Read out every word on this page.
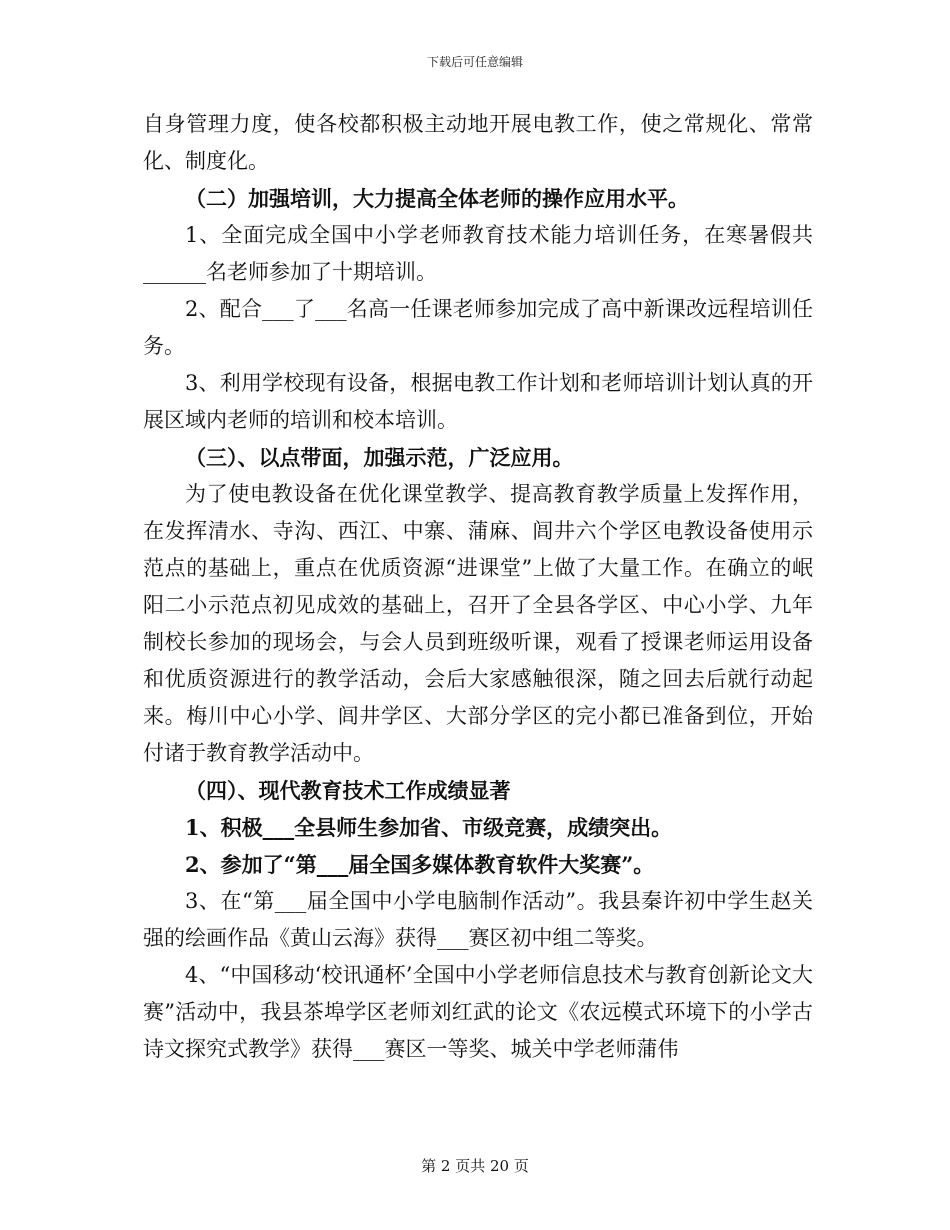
下载后可任意编辑

自身管理力度，使各校都积极主动地开展电教工作，使之常规化、常常化、制度化。

（二）加强培训，大力提高全体老师的操作应用水平。

1、全面完成全国中小学老师教育技术能力培训任务，在寒暑假共______名老师参加了十期培训。

2、配合___了___名高一任课老师参加完成了高中新课改远程培训任务。

3、利用学校现有设备，根据电教工作计划和老师培训计划认真的开展区域内老师的培训和校本培训。

（三）、以点带面，加强示范，广泛应用。

为了使电教设备在优化课堂教学、提高教育教学质量上发挥作用，在发挥清水、寺沟、西江、中寨、蒲麻、闾井六个学区电教设备使用示范点的基础上，重点在优质资源“进课堂”上做了大量工作。在确立的岷阳二小示范点初见成效的基础上，召开了全县各学区、中心小学、九年制校长参加的现场会，与会人员到班级听课，观看了授课老师运用设备和优质资源进行的教学活动，会后大家感触很深，随之回去后就行动起来。梅川中心小学、闾井学区、大部分学区的完小都已准备到位，开始付诸于教育教学活动中。

（四）、现代教育技术工作成绩显著

1、积极___全县师生参加省、市级竞赛，成绩突出。

2、参加了“第___届全国多媒体教育软件大奖赛”。

3、在“第___届全国中小学电脑制作活动”。我县秦许初中学生赵关强的绘画作品《黄山云海》获得___赛区初中组二等奖。

4、“中国移动‘校讯通杯’全国中小学老师信息技术与教育创新论文大赛”活动中，我县茶埠学区老师刘红武的论文《农远模式环境下的小学古诗文探究式教学》获得___赛区一等奖、城关中学老师蒲伟

第 2 页共 20 页
